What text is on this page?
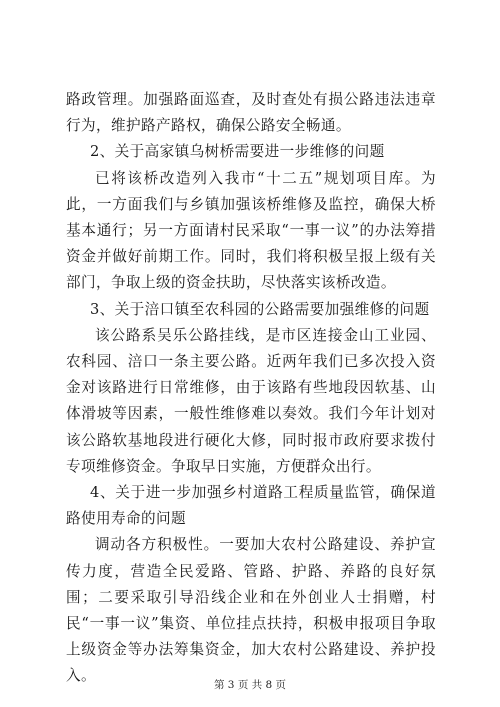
路政管理。加强路面巡查，及时查处有损公路违法违章行为，维护路产路权，确保公路安全畅通。

2、关于高家镇乌树桥需要进一步维修的问题

已将该桥改造列入我市“十二五”规划项目库。为此，一方面我们与乡镇加强该桥维修及监控，确保大桥基本通行；另一方面请村民采取“一事一议”的办法筹措资金并做好前期工作。同时，我们将积极呈报上级有关部门，争取上级的资金扶助，尽快落实该桥改造。

3、关于涪口镇至农科园的公路需要加强维修的问题

该公路系吴乐公路挂线，是市区连接金山工业园、农科园、涪口一条主要公路。近两年我们已多次投入资金对该路进行日常维修，由于该路有些地段因软基、山体滑坡等因素，一般性维修难以奏效。我们今年计划对该公路软基地段进行硬化大修，同时报市政府要求拨付专项维修资金。争取早日实施，方便群众出行。

4、关于进一步加强乡村道路工程质量监管，确保道路使用寿命的问题

调动各方积极性。一要加大农村公路建设、养护宣传力度，营造全民爱路、管路、护路、养路的良好氛围；二要采取引导沿线企业和在外创业人士捐赠，村民“一事一议”集资、单位挂点扶持，积极申报项目争取上级资金等办法筹集资金，加大农村公路建设、养护投入。

第 3 页 共 8 页
